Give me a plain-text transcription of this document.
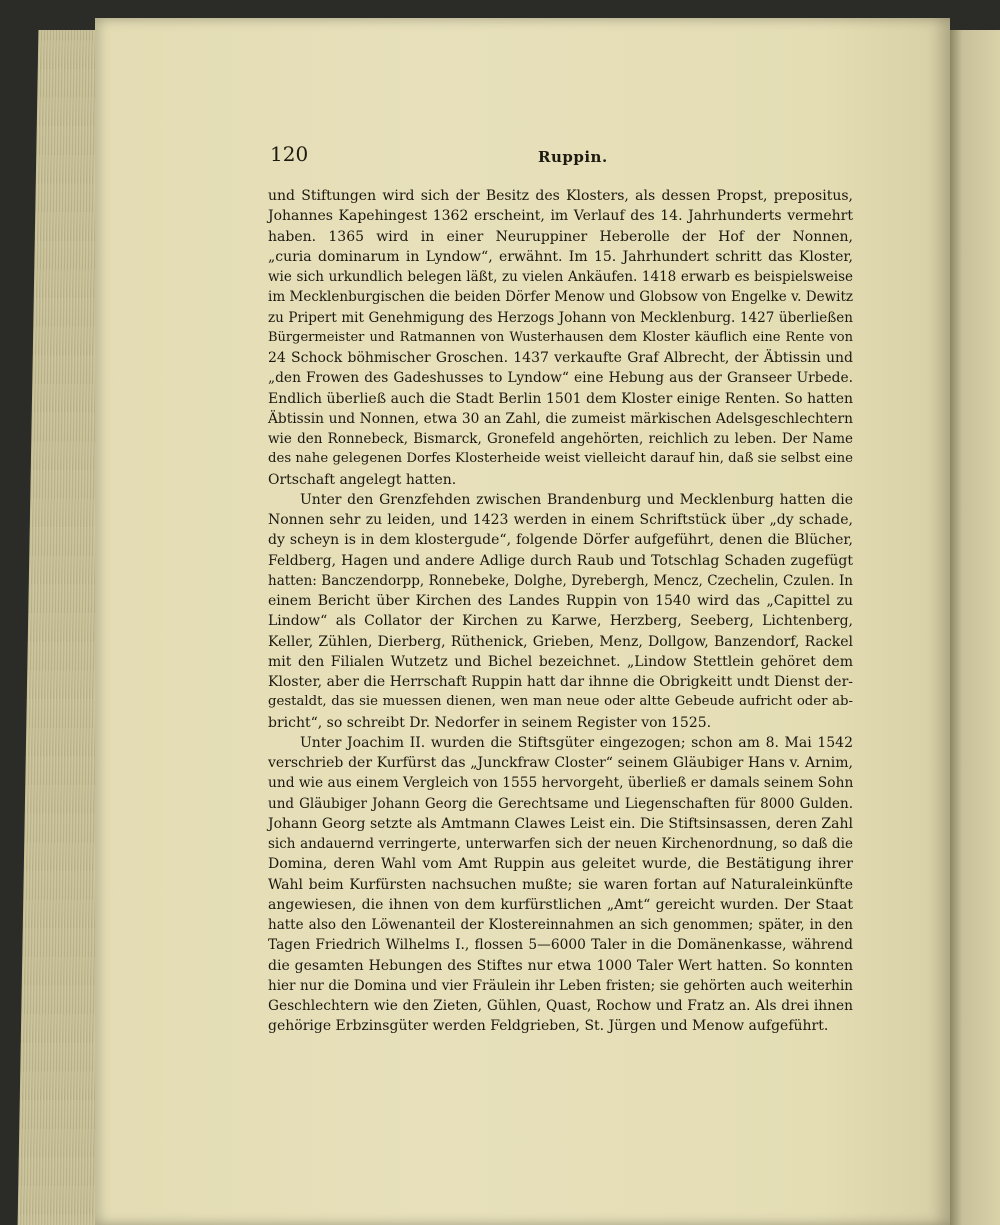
120	Ruppin.
und Stiftungen wird sich der Besitz des Klosters, als dessen Propst, prepositus,
Johannes Kapehingest 1362 erscheint, im Verlauf des 14. Jahrhunderts vermehrt
haben. 1365 wird in einer Neuruppiner Heberolle der Hof der Nonnen,
„curia dominarum in Lyndow“, erwähnt. Im 15. Jahrhundert schritt das Kloster,
wie sich urkundlich belegen läßt, zu vielen Ankäufen. 1418 erwarb es beispielsweise
im Mecklenburgischen die beiden Dörfer Menow und Globsow von Engelke v. Dewitz
zu Pripert mit Genehmigung des Herzogs Johann von Mecklenburg. 1427 überließen
Bürgermeister und Ratmannen von Wusterhausen dem Kloster käuflich eine Rente von
24 Schock böhmischer Groschen. 1437 verkaufte Graf Albrecht, der Äbtissin und
„den Frowen des Gadeshusses to Lyndow“ eine Hebung aus der Granseer Urbede.
Endlich überließ auch die Stadt Berlin 1501 dem Kloster einige Renten. So hatten
Äbtissin und Nonnen, etwa 30 an Zahl, die zumeist märkischen Adelsgeschlechtern
wie den Ronnebeck, Bismarck, Gronefeld angehörten, reichlich zu leben. Der Name
des nahe gelegenen Dorfes Klosterheide weist vielleicht darauf hin, daß sie selbst eine
Ortschaft angelegt hatten.
Unter den Grenzfehden zwischen Brandenburg und Mecklenburg hatten die
Nonnen sehr zu leiden, und 1423 werden in einem Schriftstück über „dy schade,
dy scheyn is in dem klostergude“, folgende Dörfer aufgeführt, denen die Blücher,
Feldberg, Hagen und andere Adlige durch Raub und Totschlag Schaden zugefügt
hatten: Banczendorpp, Ronnebeke, Dolghe, Dyrebergh, Mencz, Czechelin, Czulen. In
einem Bericht über Kirchen des Landes Ruppin von 1540 wird das „Capittel zu
Lindow“ als Collator der Kirchen zu Karwe, Herzberg, Seeberg, Lichtenberg,
Keller, Zühlen, Dierberg, Rüthenick, Grieben, Menz, Dollgow, Banzendorf, Rackel
mit den Filialen Wutzetz und Bichel bezeichnet. „Lindow Stettlein gehöret dem
Kloster, aber die Herrschaft Ruppin hatt dar ihnne die Obrigkeitt undt Dienst der-
gestaldt, das sie muessen dienen, wen man neue oder altte Gebeude aufricht oder ab-
bricht“, so schreibt Dr. Nedorfer in seinem Register von 1525.
Unter Joachim II. wurden die Stiftsgüter eingezogen; schon am 8. Mai 1542
verschrieb der Kurfürst das „Junckfraw Closter“ seinem Gläubiger Hans v. Arnim,
und wie aus einem Vergleich von 1555 hervorgeht, überließ er damals seinem Sohn
und Gläubiger Johann Georg die Gerechtsame und Liegenschaften für 8000 Gulden.
Johann Georg setzte als Amtmann Clawes Leist ein. Die Stiftsinsassen, deren Zahl
sich andauernd verringerte, unterwarfen sich der neuen Kirchenordnung, so daß die
Domina, deren Wahl vom Amt Ruppin aus geleitet wurde, die Bestätigung ihrer
Wahl beim Kurfürsten nachsuchen mußte; sie waren fortan auf Naturaleinkünfte
angewiesen, die ihnen von dem kurfürstlichen „Amt“ gereicht wurden. Der Staat
hatte also den Löwenanteil der Klostereinnahmen an sich genommen; später, in den
Tagen Friedrich Wilhelms I., flossen 5—6000 Taler in die Domänenkasse, während
die gesamten Hebungen des Stiftes nur etwa 1000 Taler Wert hatten. So konnten
hier nur die Domina und vier Fräulein ihr Leben fristen; sie gehörten auch weiterhin
Geschlechtern wie den Zieten, Gühlen, Quast, Rochow und Fratz an. Als drei ihnen
gehörige Erbzinsgüter werden Feldgrieben, St. Jürgen und Menow aufgeführt.
